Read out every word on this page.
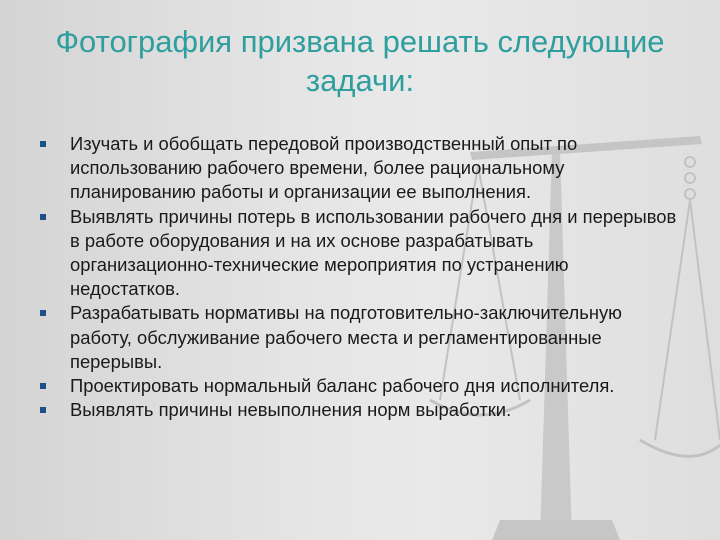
Фотография призвана решать следующие задачи:
Изучать и обобщать передовой производственный опыт по использованию рабочего времени, более рациональному планированию работы и организации ее выполнения.
Выявлять причины потерь в использовании рабочего дня и перерывов в работе оборудования и на их основе разрабатывать организационно-технические мероприятия по устранению недостатков.
Разрабатывать нормативы на подготовительно-заключительную работу, обслуживание рабочего места и регламентированные перерывы.
Проектировать нормальный баланс рабочего дня исполнителя.
Выявлять причины невыполнения норм выработки.
